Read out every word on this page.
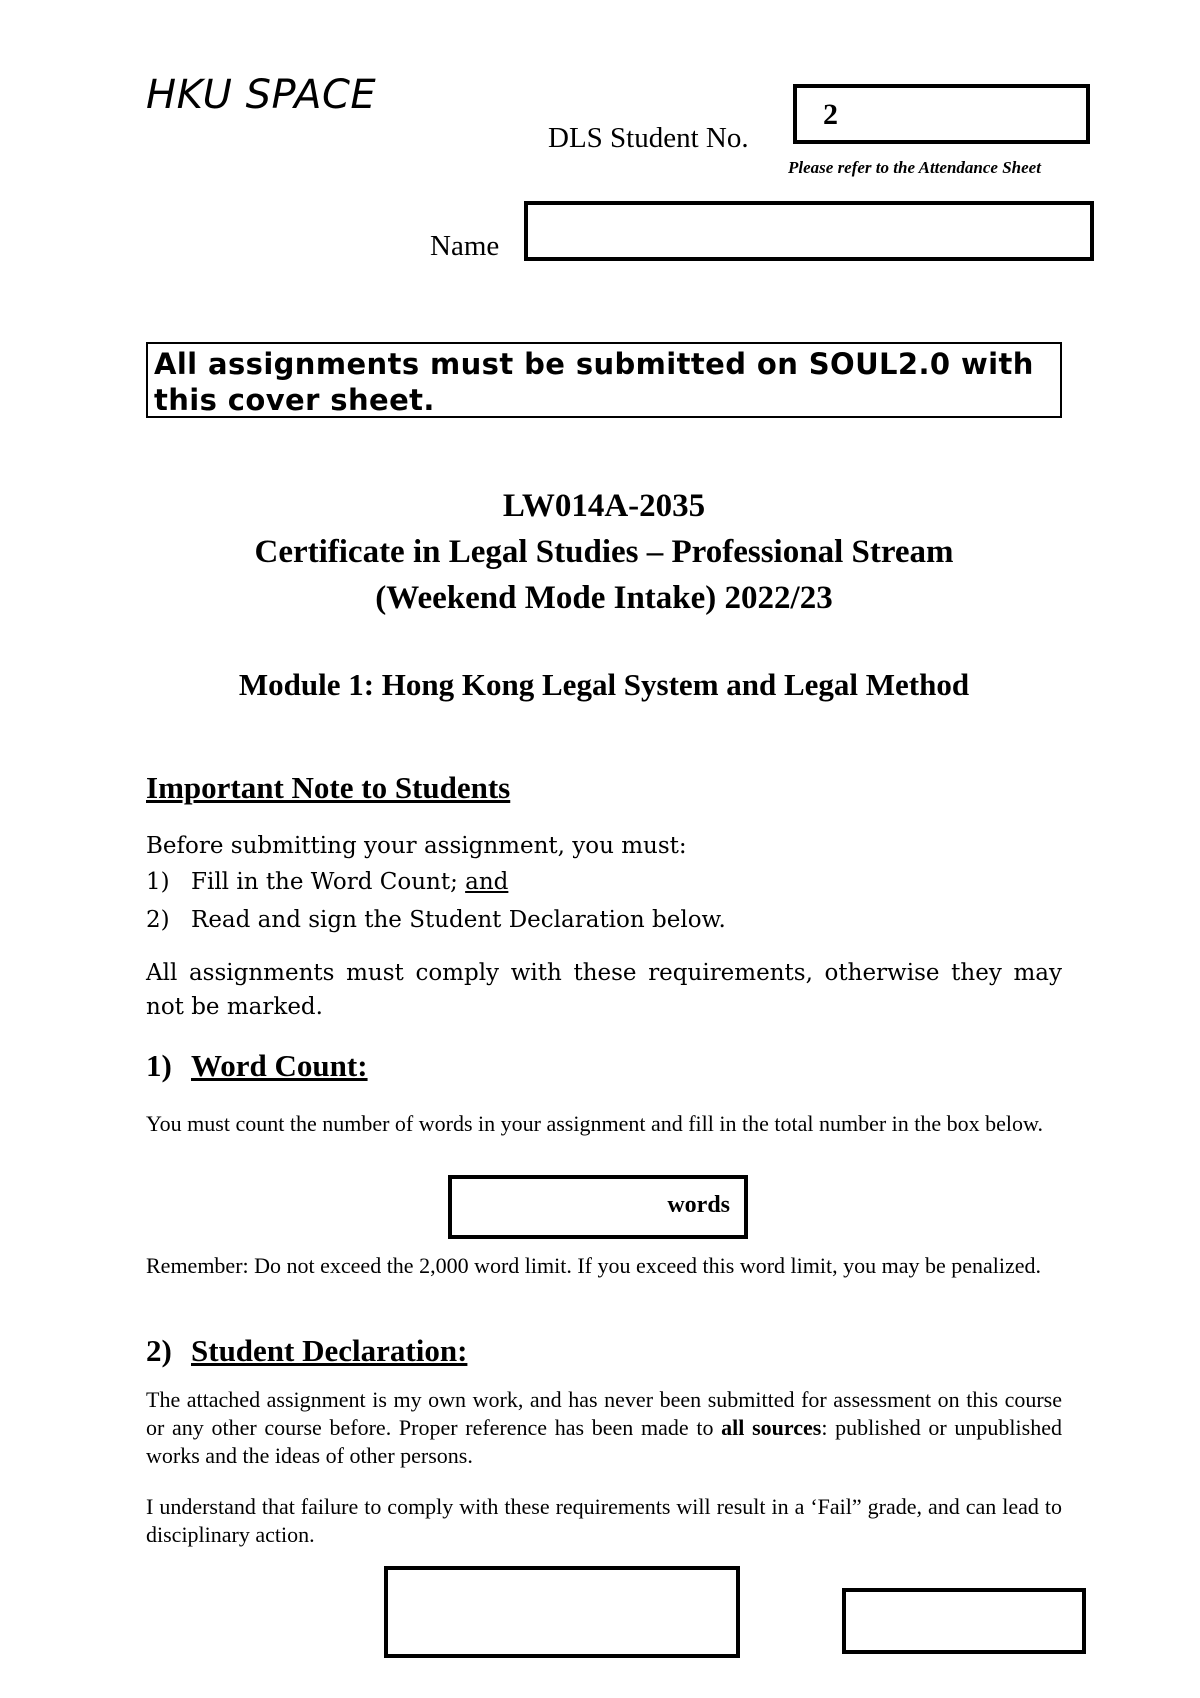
HKU SPACE
DLS Student No.
2
Please refer to the Attendance Sheet
Name
All assignments must be submitted on SOUL2.0 with this cover sheet.
LW014A-2035
Certificate in Legal Studies – Professional Stream
(Weekend Mode Intake) 2022/23
Module 1: Hong Kong Legal System and Legal Method
Important Note to Students
Before submitting your assignment, you must:
1) Fill in the Word Count; and
2) Read and sign the Student Declaration below.
All assignments must comply with these requirements, otherwise they may not be marked.
1) Word Count:
You must count the number of words in your assignment and fill in the total number in the box below.
words
Remember: Do not exceed the 2,000 word limit. If you exceed this word limit, you may be penalized.
2) Student Declaration:
The attached assignment is my own work, and has never been submitted for assessment on this course or any other course before. Proper reference has been made to all sources: published or unpublished works and the ideas of other persons.
I understand that failure to comply with these requirements will result in a ‘Fail” grade, and can lead to disciplinary action.
